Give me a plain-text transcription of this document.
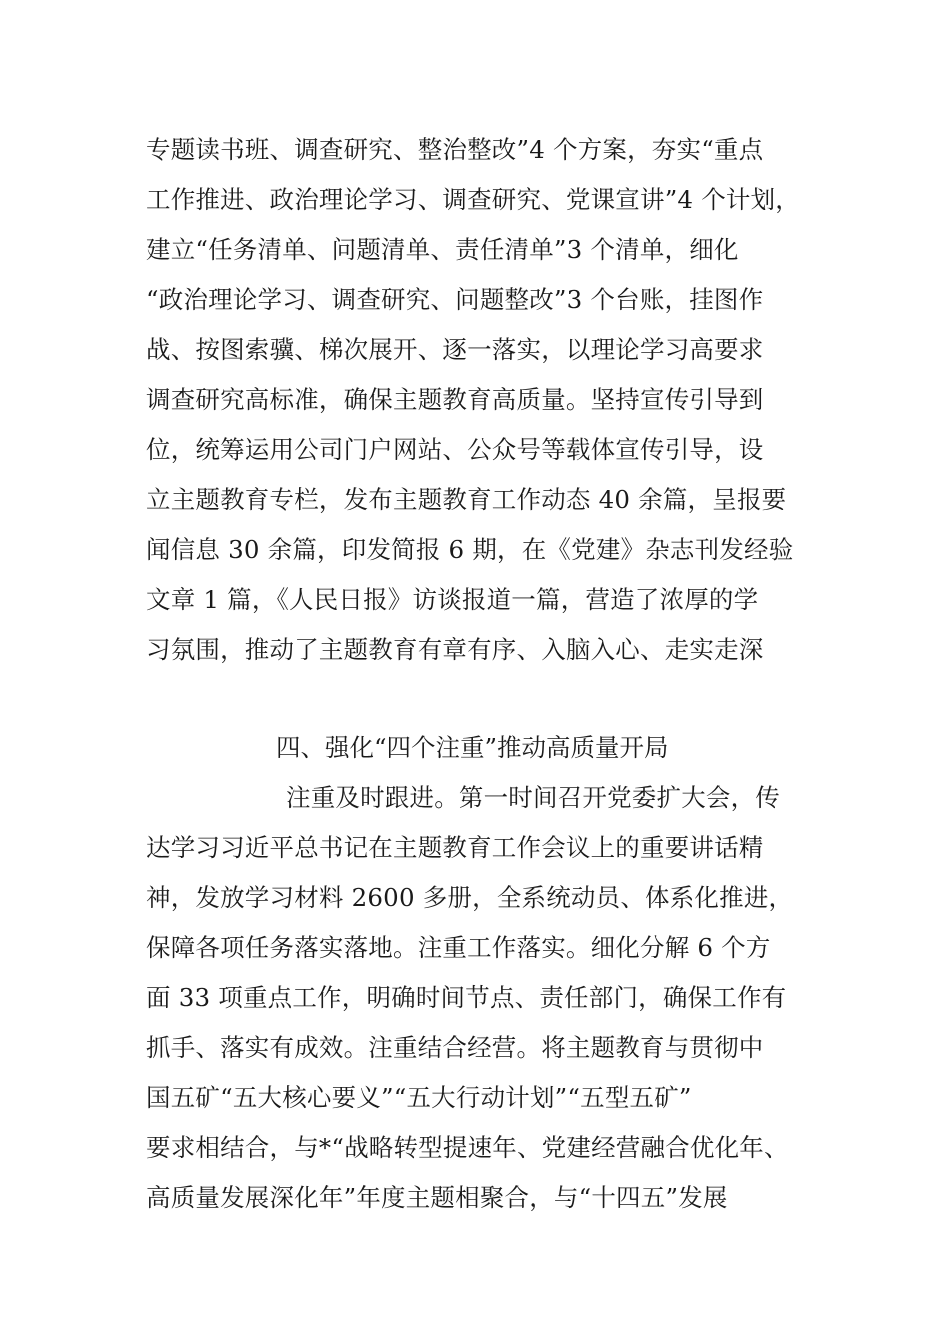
专题读书班、调查研究、整治整改”4 个方案，夯实“重点
工作推进、政治理论学习、调查研究、党课宣讲”4 个计划，
建立“任务清单、问题清单、责任清单”3 个清单，细化
“政治理论学习、调查研究、问题整改”3 个台账，挂图作
战、按图索骥、梯次展开、逐一落实，以理论学习高要求
调查研究高标准，确保主题教育高质量。坚持宣传引导到
位，统筹运用公司门户网站、公众号等载体宣传引导，设
立主题教育专栏，发布主题教育工作动态 40 余篇，呈报要
闻信息 30 余篇，印发简报 6 期，在《党建》杂志刊发经验
文章 1 篇，《人民日报》访谈报道一篇，营造了浓厚的学
习氛围，推动了主题教育有章有序、入脑入心、走实走深
四、强化“四个注重”推动高质量开局
注重及时跟进。第一时间召开党委扩大会，传
达学习习近平总书记在主题教育工作会议上的重要讲话精
神，发放学习材料 2600 多册，全系统动员、体系化推进，
保障各项任务落实落地。注重工作落实。细化分解 6 个方
面 33 项重点工作，明确时间节点、责任部门，确保工作有
抓手、落实有成效。注重结合经营。将主题教育与贯彻中
国五矿“五大核心要义”“五大行动计划”“五型五矿”
要求相结合，与*“战略转型提速年、党建经营融合优化年、
高质量发展深化年”年度主题相聚合，与“十四五”发展
